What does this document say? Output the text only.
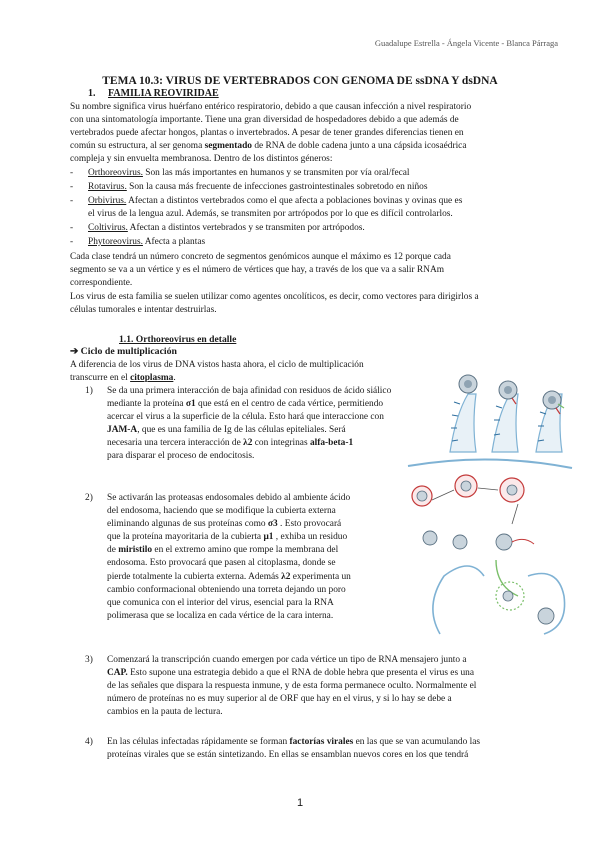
Guadalupe Estrella - Ángela Vicente - Blanca Párraga
TEMA 10.3: VIRUS DE VERTEBRADOS CON GENOMA DE ssDNA Y dsDNA
1. FAMILIA REOVIRIDAE
Su nombre significa virus huérfano entérico respiratorio, debido a que causan infección a nivel respiratorio
con una sintomatología importante. Tiene una gran diversidad de hospedadores debido a que además de
vertebrados puede afectar hongos, plantas o invertebrados. A pesar de tener grandes diferencias tienen en
común su estructura, al ser genoma segmentado de RNA de doble cadena junto a una cápsida icosaédrica
compleja y sin envuelta membranosa. Dentro de los distintos géneros:
- Orthoreovirus. Son las más importantes en humanos y se transmiten por vía oral/fecal
- Rotavirus. Son la causa más frecuente de infecciones gastrointestinales sobretodo en niños
- Orbivirus. Afectan a distintos vertebrados como el que afecta a poblaciones bovinas y ovinas que es
el virus de la lengua azul. Además, se transmiten por artrópodos por lo que es difícil controlarlos.
- Coltivirus. Afectan a distintos vertebrados y se transmiten por artrópodos.
- Phytoreovirus. Afecta a plantas
Cada clase tendrá un número concreto de segmentos genómicos aunque el máximo es 12 porque cada
segmento se va a un vértice y es el número de vértices que hay, a través de los que va a salir RNAm
correspondiente.
Los virus de esta familia se suelen utilizar como agentes oncolíticos, es decir, como vectores para dirigirlos a
células tumorales e intentar destruirlas.
1.1. Orthoreovirus en detalle
➔ Ciclo de multiplicación
A diferencia de los virus de DNA vistos hasta ahora, el ciclo de multiplicación
transcurre en el citoplasma.
1) Se da una primera interacción de baja afinidad con residuos de ácido siálico
mediante la proteína σ1 que está en el centro de cada vértice, permitiendo
acercar el virus a la superficie de la célula. Esto hará que interaccione con
JAM-A, que es una familia de Ig de las células epiteliales. Será
necesaria una tercera interacción de λ2 con integrinas alfa-beta-1
para disparar el proceso de endocitosis.
2) Se activarán las proteasas endosomales debido al ambiente ácido
del endosoma, haciendo que se modifique la cubierta externa
eliminando algunas de sus proteínas como σ3 . Esto provocará
que la proteína mayoritaria de la cubierta μ1 , exhiba un residuo
de miristilo en el extremo amino que rompe la membrana del
endosoma. Esto provocará que pasen al citoplasma, donde se
pierde totalmente la cubierta externa. Además λ2 experimenta un
cambio conformacional obteniendo una torreta dejando un poro
que comunica con el interior del virus, esencial para la RNA
polimerasa que se localiza en cada vértice de la cara interna.
3) Comenzará la transcripción cuando emergen por cada vértice un tipo de RNA mensajero junto a
CAP. Esto supone una estrategia debido a que el RNA de doble hebra que presenta el virus es una
de las señales que dispara la respuesta inmune, y de esta forma permanece oculto. Normalmente el
número de proteínas no es muy superior al de ORF que hay en el virus, y si lo hay se debe a
cambios en la pauta de lectura.
4) En las células infectadas rápidamente se forman factorías virales en las que se van acumulando las
proteínas virales que se están sintetizando. En ellas se ensamblan nuevos cores en los que tendrá
1
